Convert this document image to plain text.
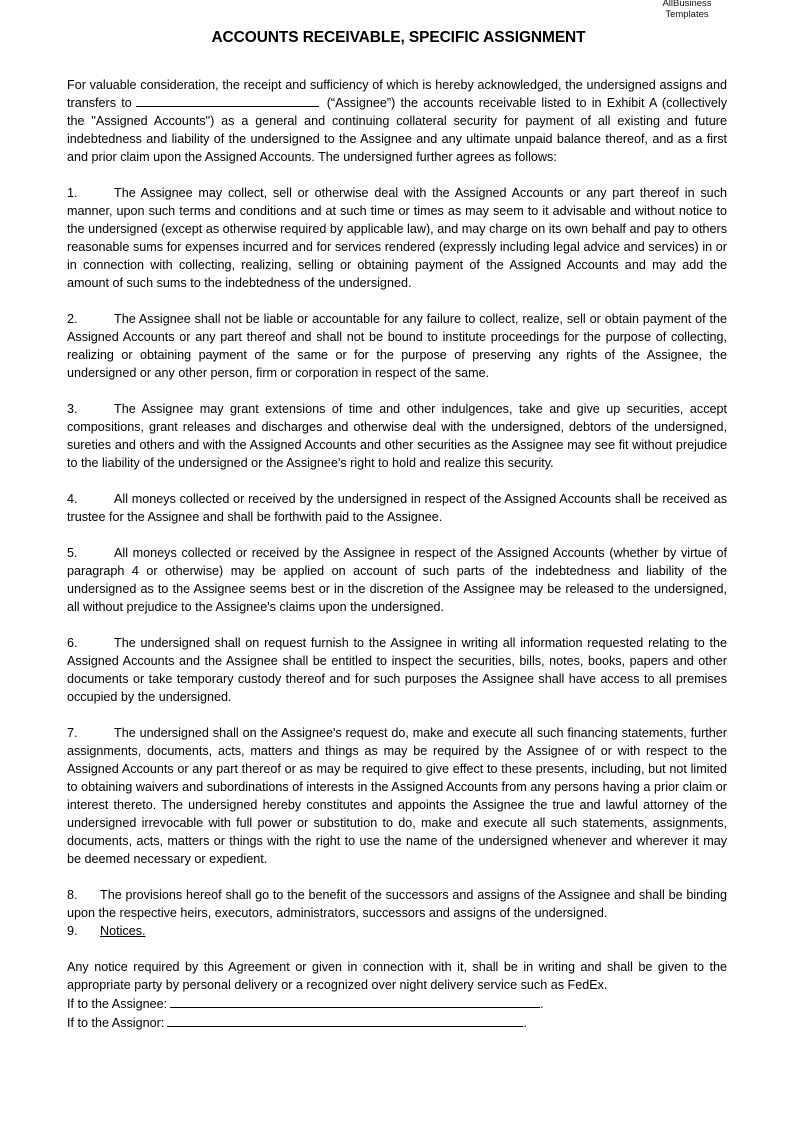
AllBusiness
Templates
ACCOUNTS RECEIVABLE, SPECIFIC ASSIGNMENT

For valuable consideration, the receipt and sufficiency of which is hereby acknowledged, the undersigned assigns and transfers to	(“Assignee”) the accounts receivable listed to in Exhibit A (collectively the "Assigned Accounts") as a general and continuing collateral security for payment of all existing and future indebtedness and liability of the undersigned to the Assignee and any ultimate unpaid balance thereof, and as a first and prior claim upon the Assigned Accounts. The undersigned further agrees as follows:

1.	The Assignee may collect, sell or otherwise deal with the Assigned Accounts or any part thereof in such manner, upon such terms and conditions and at such time or times as may seem to it advisable and without notice to the undersigned (except as otherwise required by applicable law), and may charge on its own behalf and pay to others reasonable sums for expenses incurred and for services rendered (expressly including legal advice and services) in or in connection with collecting, realizing, selling or obtaining payment of the Assigned Accounts and may add the amount of such sums to the indebtedness of the undersigned.

2.	The Assignee shall not be liable or accountable for any failure to collect, realize, sell or obtain payment of the Assigned Accounts or any part thereof and shall not be bound to institute proceedings for the purpose of collecting, realizing or obtaining payment of the same or for the purpose of preserving any rights of the Assignee, the undersigned or any other person, firm or corporation in respect of the same.

3.	The Assignee may grant extensions of time and other indulgences, take and give up securities, accept compositions, grant releases and discharges and otherwise deal with the undersigned, debtors of the undersigned, sureties and others and with the Assigned Accounts and other securities as the Assignee may see fit without prejudice to the liability of the undersigned or the Assignee's right to hold and realize this security.

4.	All moneys collected or received by the undersigned in respect of the Assigned Accounts shall be received as trustee for the Assignee and shall be forthwith paid to the Assignee.

5.	All moneys collected or received by the Assignee in respect of the Assigned Accounts (whether by virtue of paragraph 4 or otherwise) may be applied on account of such parts of the indebtedness and liability of the undersigned as to the Assignee seems best or in the discretion of the Assignee may be released to the undersigned, all without prejudice to the Assignee's claims upon the undersigned.

6.	The undersigned shall on request furnish to the Assignee in writing all information requested relating to the Assigned Accounts and the Assignee shall be entitled to inspect the securities, bills, notes, books, papers and other documents or take temporary custody thereof and for such purposes the Assignee shall have access to all premises occupied by the undersigned.

7.	The undersigned shall on the Assignee's request do, make and execute all such financing statements, further assignments, documents, acts, matters and things as may be required by the Assignee of or with respect to the Assigned Accounts or any part thereof or as may be required to give effect to these presents, including, but not limited to obtaining waivers and subordinations of interests in the Assigned Accounts from any persons having a prior claim or interest thereto. The undersigned hereby constitutes and appoints the Assignee the true and lawful attorney of the undersigned irrevocable with full power or substitution to do, make and execute all such statements, assignments, documents, acts, matters or things with the right to use the name of the undersigned whenever and wherever it may be deemed necessary or expedient.

8. The provisions hereof shall go to the benefit of the successors and assigns of the Assignee and shall be binding upon the respective heirs, executors, administrators, successors and assigns of the undersigned.

9. Notices.

Any notice required by this Agreement or given in connection with it, shall be in writing and shall be given to the appropriate party by personal delivery or a recognized over night delivery service such as FedEx.

If to the Assignee:	.

If to the Assignor:	.
